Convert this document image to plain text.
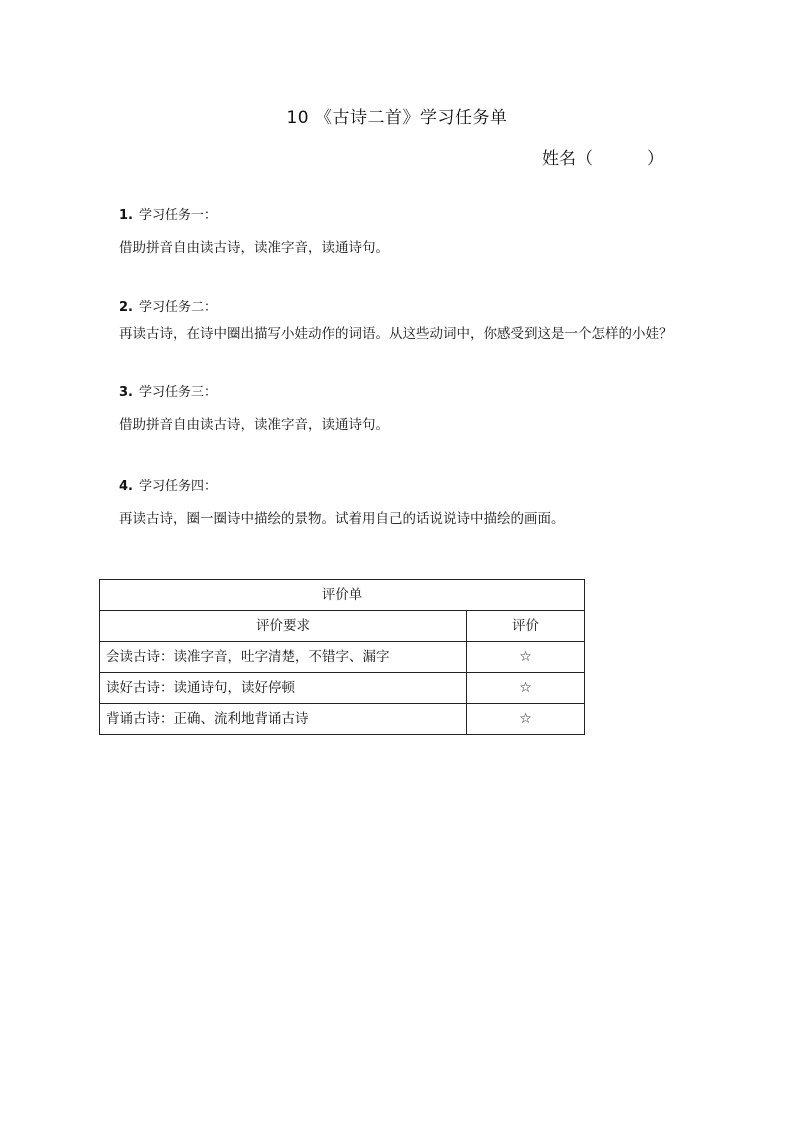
10 《古诗二首》学习任务单
姓名（          ）
1. 学习任务一：
借助拼音自由读古诗，读准字音，读通诗句。
2. 学习任务二：
再读古诗，在诗中圈出描写小娃动作的词语。从这些动词中，你感受到这是一个怎样的小娃？
3. 学习任务三：
借助拼音自由读古诗，读准字音，读通诗句。
4. 学习任务四：
再读古诗，圈一圈诗中描绘的景物。试着用自己的话说说诗中描绘的画面。
评价单	
评价要求	评价
会读古诗：读准字音，吐字清楚，不错字、漏字	☆
读好古诗：读通诗句，读好停顿	☆
背诵古诗：正确、流利地背诵古诗	☆
